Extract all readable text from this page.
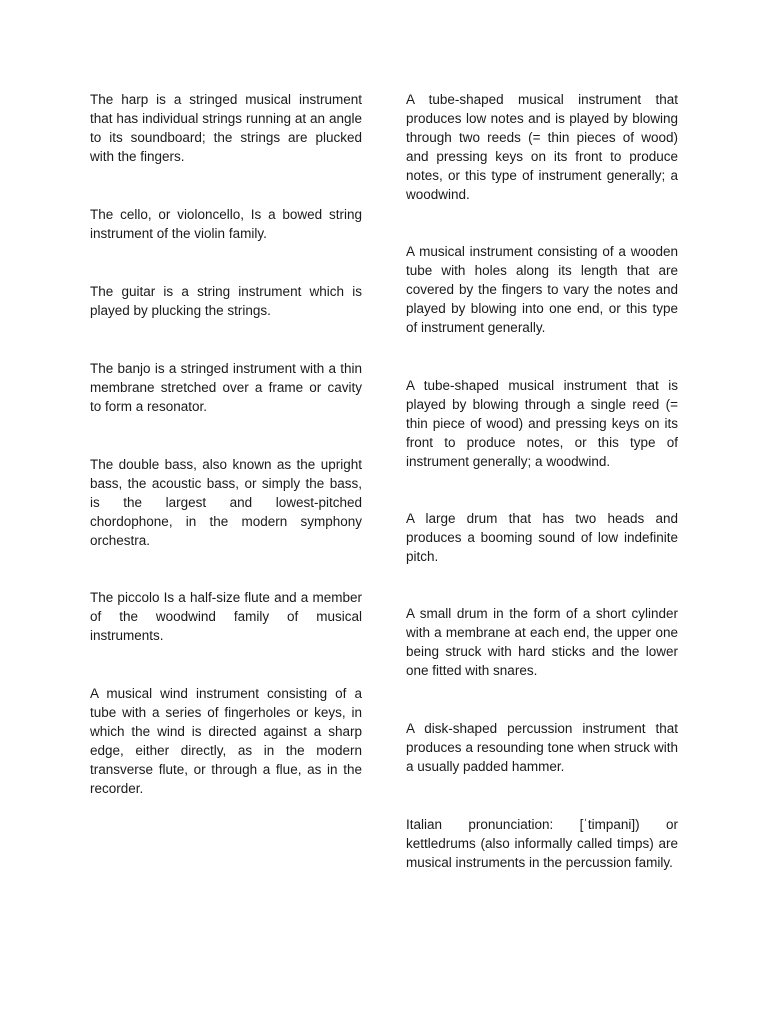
The harp is a stringed musical instrument that has individual strings running at an angle to its soundboard; the strings are plucked with the fingers.

The cello, or violoncello, Is a bowed string instrument of the violin family.

The guitar is a string instrument which is played by plucking the strings.

The banjo is a stringed instrument with a thin membrane stretched over a frame or cavity to form a resonator.

The double bass, also known as the upright bass, the acoustic bass, or simply the bass, is the largest and lowest-pitched chordophone, in the modern symphony orchestra.

The piccolo Is a half-size flute and a member of the woodwind family of musical instruments.

A musical wind instrument consisting of a tube with a series of fingerholes or keys, in which the wind is directed against a sharp edge, either directly, as in the modern transverse flute, or through a flue, as in the recorder.

A tube-shaped musical instrument that produces low notes and is played by blowing through two reeds (= thin pieces of wood) and pressing keys on its front to produce notes, or this type of instrument generally; a woodwind.

A musical instrument consisting of a wooden tube with holes along its length that are covered by the fingers to vary the notes and played by blowing into one end, or this type of instrument generally.

A tube-shaped musical instrument that is played by blowing through a single reed (= thin piece of wood) and pressing keys on its front to produce notes, or this type of instrument generally; a woodwind.

A large drum that has two heads and produces a booming sound of low indefinite pitch.

A small drum in the form of a short cylinder with a membrane at each end, the upper one being struck with hard sticks and the lower one fitted with snares.

A disk-shaped percussion instrument that produces a resounding tone when struck with a usually padded hammer.

Italian pronunciation: [ˈtimpani]) or kettledrums (also informally called timps) are musical instruments in the percussion family.
